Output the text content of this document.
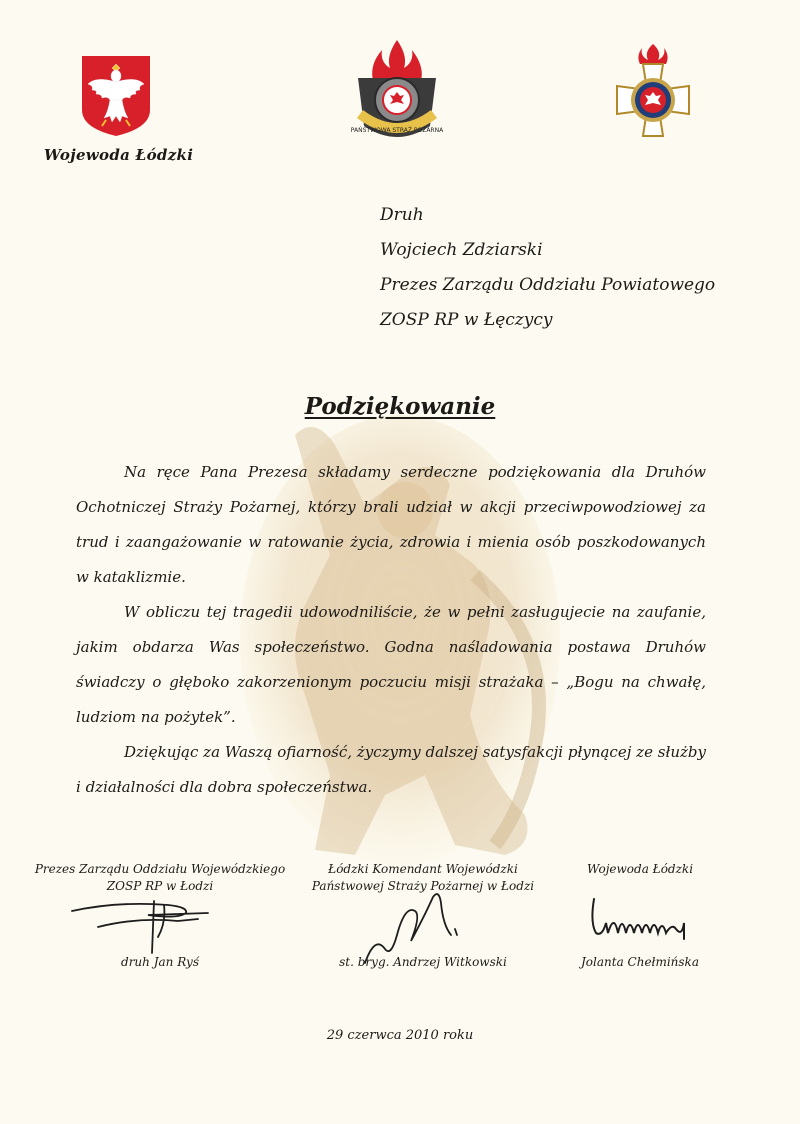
Wojewoda Łódzki
PAŃSTWOWA STRAŻ POŻARNA
Druh
Wojciech Zdziarski
Prezes Zarządu Oddziału Powiatowego
ZOSP RP w Łęczycy
Podziękowanie

Na ręce Pana Prezesa składamy serdeczne podziękowania dla Druhów Ochotniczej Straży Pożarnej, którzy brali udział w akcji przeciwpowodziowej za trud i zaangażowanie w ratowanie życia, zdrowia i mienia osób poszkodowanych w kataklizmie.

W obliczu tej tragedii udowodniliście, że w pełni zasługujecie na zaufanie, jakim obdarza Was społeczeństwo. Godna naśladowania postawa Druhów świadczy o głęboko zakorzenionym poczuciu misji strażaka – „Bogu na chwałę, ludziom na pożytek”.

Dziękując za Waszą ofiarność, życzymy dalszej satysfakcji płynącej ze służby i działalności dla dobra społeczeństwa.

Prezes Zarządu Oddziału Wojewódzkiego
ZOSP RP w Łodzi
druh Jan Ryś
Łódzki Komendant Wojewódzki
Państwowej Straży Pożarnej w Łodzi
st. bryg. Andrzej Witkowski
Wojewoda Łódzki
Jolanta Chełmińska
29 czerwca 2010 roku
